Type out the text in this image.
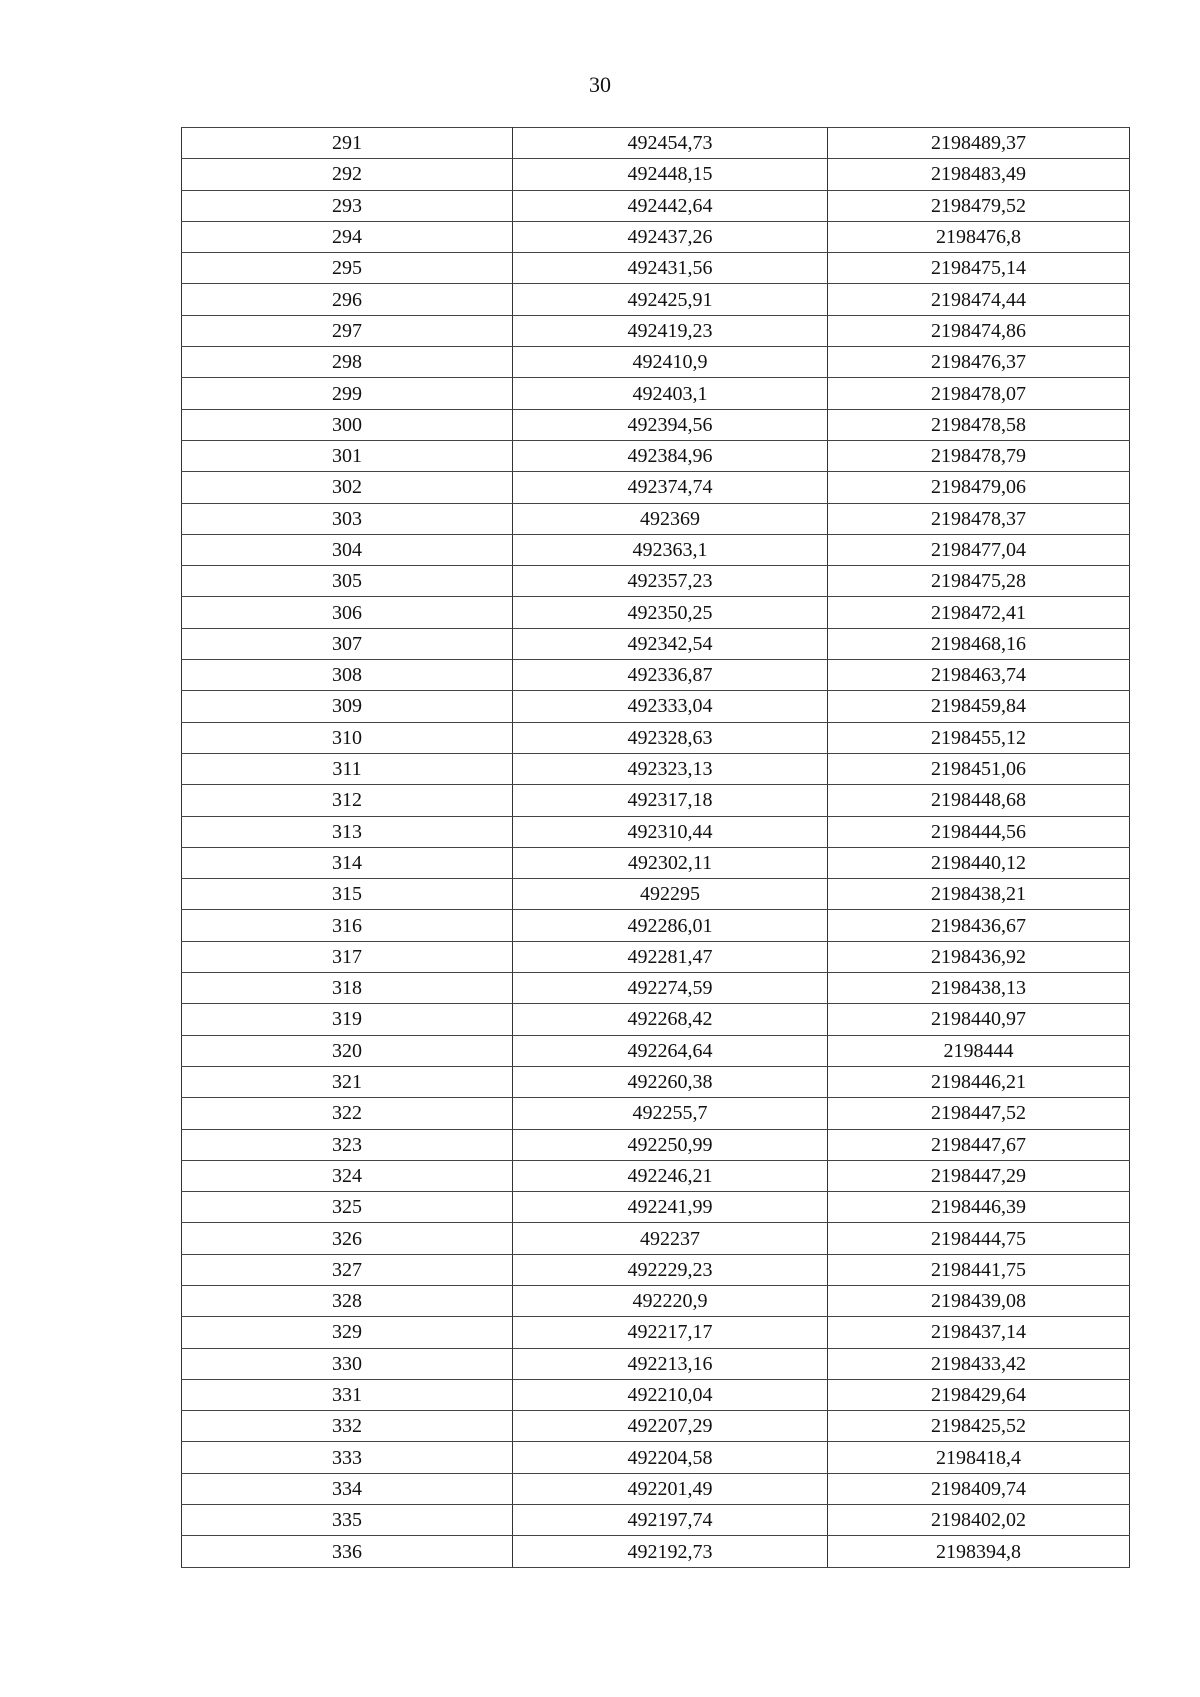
30
291	492454,73	2198489,37
292	492448,15	2198483,49
293	492442,64	2198479,52
294	492437,26	2198476,8
295	492431,56	2198475,14
296	492425,91	2198474,44
297	492419,23	2198474,86
298	492410,9	2198476,37
299	492403,1	2198478,07
300	492394,56	2198478,58
301	492384,96	2198478,79
302	492374,74	2198479,06
303	492369	2198478,37
304	492363,1	2198477,04
305	492357,23	2198475,28
306	492350,25	2198472,41
307	492342,54	2198468,16
308	492336,87	2198463,74
309	492333,04	2198459,84
310	492328,63	2198455,12
311	492323,13	2198451,06
312	492317,18	2198448,68
313	492310,44	2198444,56
314	492302,11	2198440,12
315	492295	2198438,21
316	492286,01	2198436,67
317	492281,47	2198436,92
318	492274,59	2198438,13
319	492268,42	2198440,97
320	492264,64	2198444
321	492260,38	2198446,21
322	492255,7	2198447,52
323	492250,99	2198447,67
324	492246,21	2198447,29
325	492241,99	2198446,39
326	492237	2198444,75
327	492229,23	2198441,75
328	492220,9	2198439,08
329	492217,17	2198437,14
330	492213,16	2198433,42
331	492210,04	2198429,64
332	492207,29	2198425,52
333	492204,58	2198418,4
334	492201,49	2198409,74
335	492197,74	2198402,02
336	492192,73	2198394,8
